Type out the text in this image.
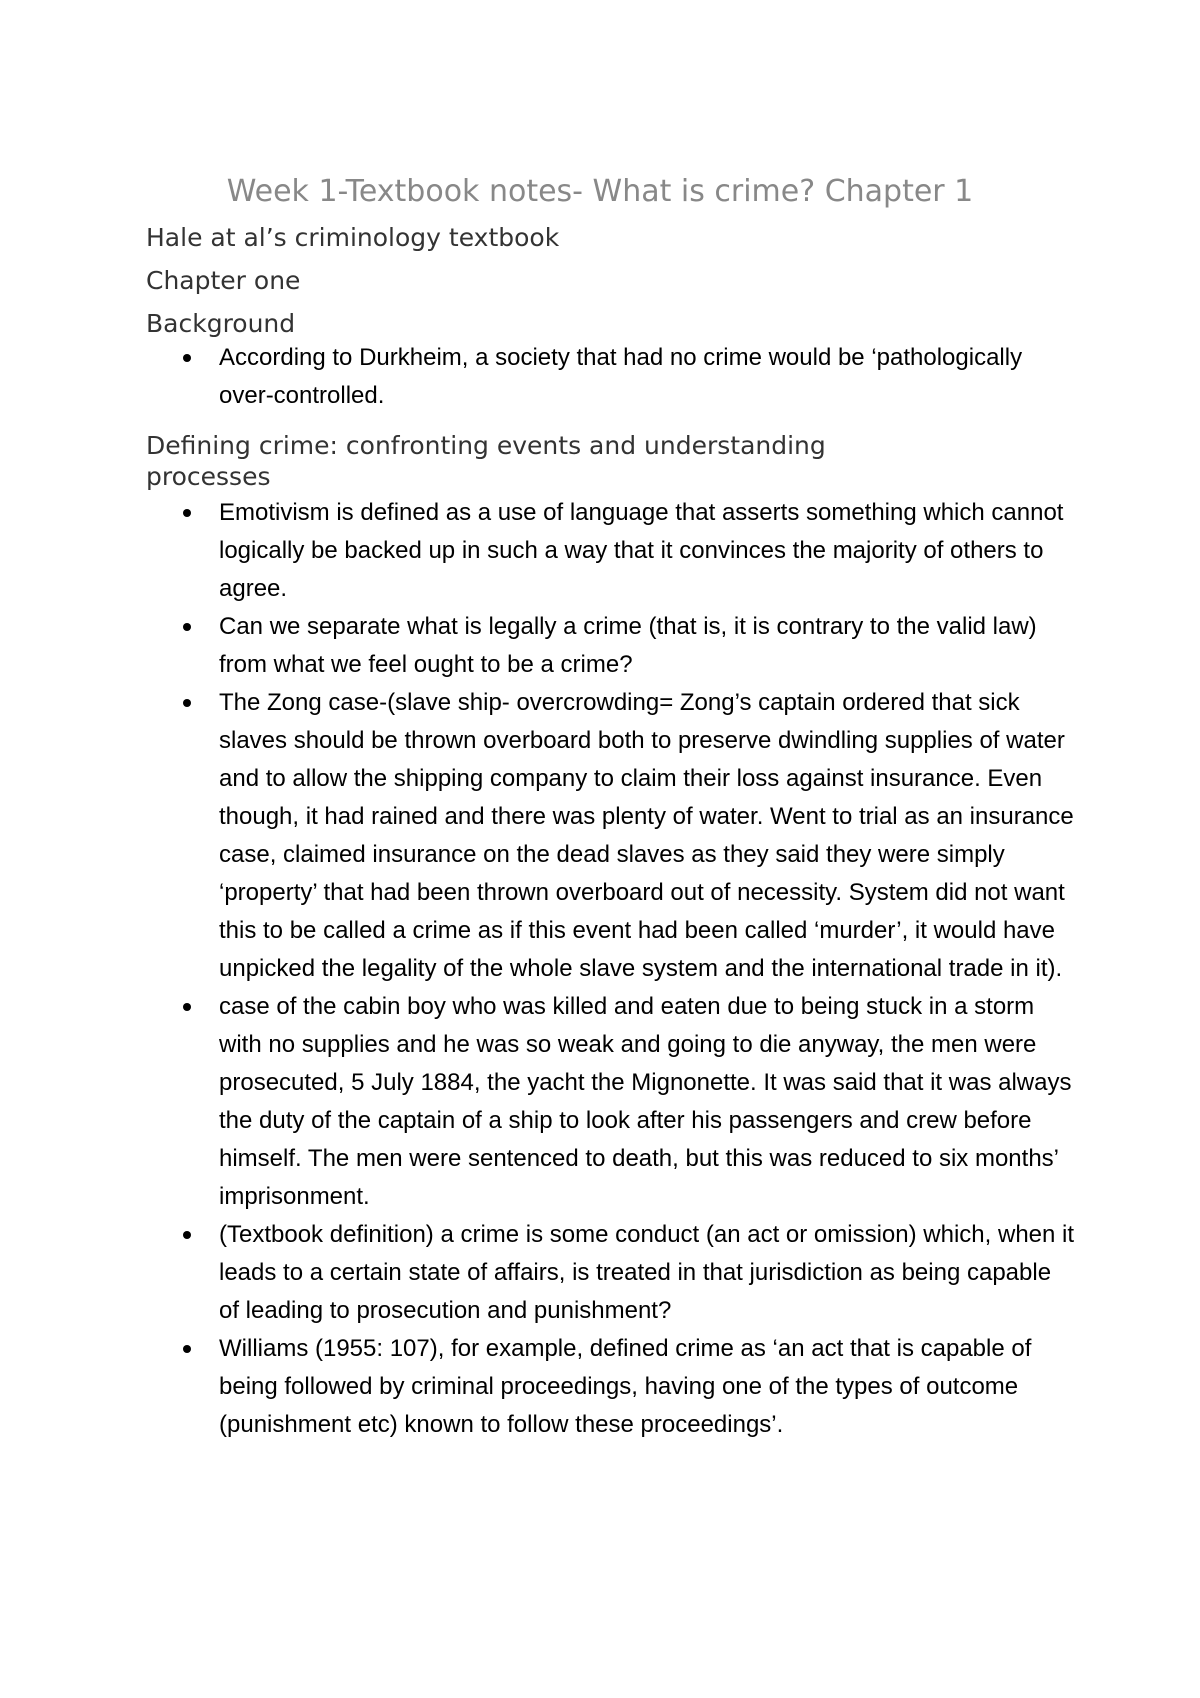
Week 1-Textbook notes- What is crime? Chapter 1
Hale at al’s criminology textbook
Chapter one
Background
According to Durkheim, a society that had no crime would be ‘pathologically over-controlled.
Defining crime: confronting events and understanding processes
Emotivism is defined as a use of language that asserts something which cannot logically be backed up in such a way that it convinces the majority of others to agree.
Can we separate what is legally a crime (that is, it is contrary to the valid law) from what we feel ought to be a crime?
The Zong case-(slave ship- overcrowding= Zong’s captain ordered that sick slaves should be thrown overboard both to preserve dwindling supplies of water and to allow the shipping company to claim their loss against insurance. Even though, it had rained and there was plenty of water. Went to trial as an insurance case, claimed insurance on the dead slaves as they said they were simply ‘property’ that had been thrown overboard out of necessity. System did not want this to be called a crime as if this event had been called ‘murder’, it would have unpicked the legality of the whole slave system and the international trade in it).
case of the cabin boy who was killed and eaten due to being stuck in a storm with no supplies and he was so weak and going to die anyway, the men were prosecuted, 5 July 1884, the yacht the Mignonette. It was said that it was always the duty of the captain of a ship to look after his passengers and crew before himself. The men were sentenced to death, but this was reduced to six months’ imprisonment.
(Textbook definition) a crime is some conduct (an act or omission) which, when it leads to a certain state of affairs, is treated in that jurisdiction as being capable of leading to prosecution and punishment?
Williams (1955: 107), for example, defined crime as ‘an act that is capable of being followed by criminal proceedings, having one of the types of outcome (punishment etc) known to follow these proceedings’.
